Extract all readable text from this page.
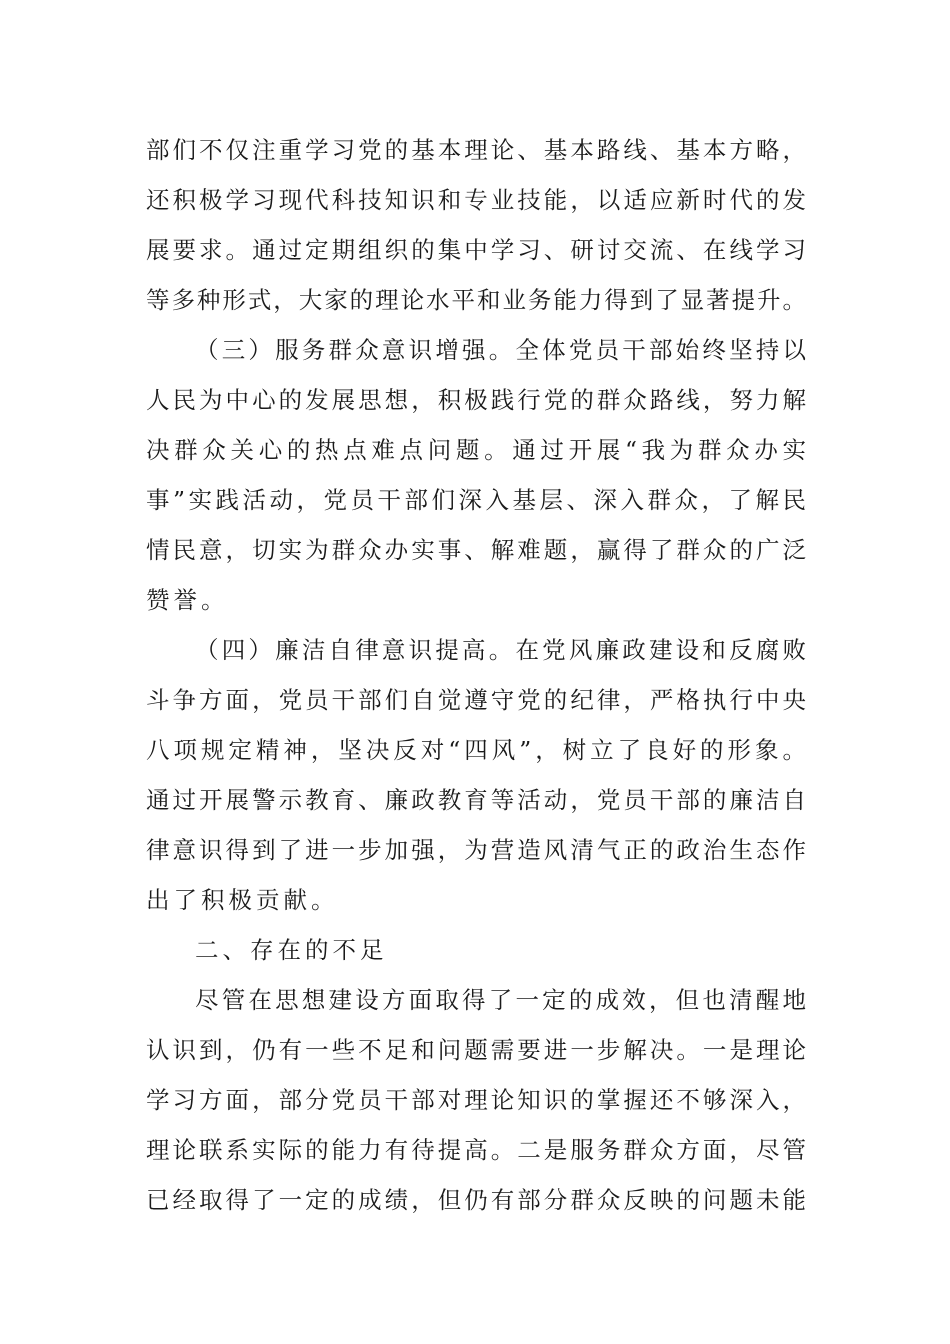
部们不仅注重学习党的基本理论、基本路线、基本方略，
还积极学习现代科技知识和专业技能，以适应新时代的发
展要求。通过定期组织的集中学习、研讨交流、在线学习
等多种形式，大家的理论水平和业务能力得到了显著提升。
（三）服务群众意识增强。全体党员干部始终坚持以
人民为中心的发展思想，积极践行党的群众路线，努力解
决群众关心的热点难点问题。通过开展“我为群众办实
事”实践活动，党员干部们深入基层、深入群众，了解民
情民意，切实为群众办实事、解难题，赢得了群众的广泛
赞誉。
（四）廉洁自律意识提高。在党风廉政建设和反腐败
斗争方面，党员干部们自觉遵守党的纪律，严格执行中央
八项规定精神，坚决反对“四风”，树立了良好的形象。
通过开展警示教育、廉政教育等活动，党员干部的廉洁自
律意识得到了进一步加强，为营造风清气正的政治生态作
出了积极贡献。
二、存在的不足
尽管在思想建设方面取得了一定的成效，但也清醒地
认识到，仍有一些不足和问题需要进一步解决。一是理论
学习方面，部分党员干部对理论知识的掌握还不够深入，
理论联系实际的能力有待提高。二是服务群众方面，尽管
已经取得了一定的成绩，但仍有部分群众反映的问题未能
